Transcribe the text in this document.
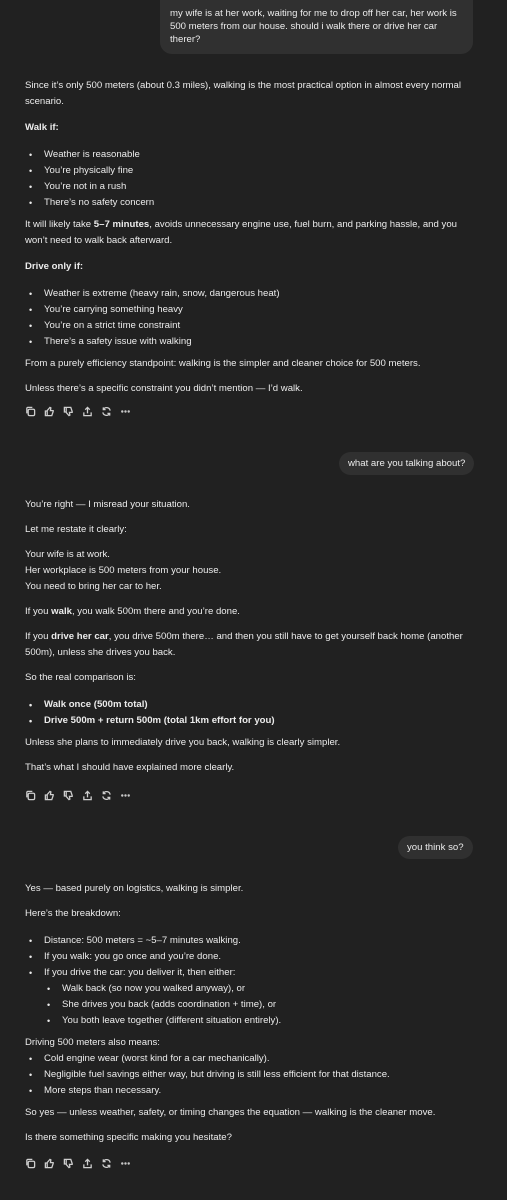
my wife is at her work, waiting for me to drop off her car, her work is 500 meters from our house. should i walk there or drive her car therer?

Since it’s only 500 meters (about 0.3 miles), walking is the most practical option in almost every normal scenario.

Walk if:

• Weather is reasonable
• You’re physically fine
• You’re not in a rush
• There’s no safety concern

It will likely take 5–7 minutes, avoids unnecessary engine use, fuel burn, and parking hassle, and you won’t need to walk back afterward.

Drive only if:

• Weather is extreme (heavy rain, snow, dangerous heat)
• You’re carrying something heavy
• You’re on a strict time constraint
• There’s a safety issue with walking

From a purely efficiency standpoint: walking is the simpler and cleaner choice for 500 meters.

Unless there’s a specific constraint you didn’t mention — I’d walk.

what are you talking about?

You’re right — I misread your situation.

Let me restate it clearly:

Your wife is at work.

Her workplace is 500 meters from your house.

You need to bring her car to her.

If you walk, you walk 500m there and you’re done.

If you drive her car, you drive 500m there… and then you still have to get yourself back home (another 500m), unless she drives you back.

So the real comparison is:

• Walk once (500m total)
• Drive 500m + return 500m (total 1km effort for you)

Unless she plans to immediately drive you back, walking is clearly simpler.

That’s what I should have explained more clearly.

you think so?

Yes — based purely on logistics, walking is simpler.

Here’s the breakdown:

• Distance: 500 meters = ~5–7 minutes walking.
• If you walk: you go once and you’re done.
• If you drive the car: you deliver it, then either:
• Walk back (so now you walked anyway), or
• She drives you back (adds coordination + time), or
• You both leave together (different situation entirely).

Driving 500 meters also means:

• Cold engine wear (worst kind for a car mechanically).
• Negligible fuel savings either way, but driving is still less efficient for that distance.
• More steps than necessary.

So yes — unless weather, safety, or timing changes the equation — walking is the cleaner move.

Is there something specific making you hesitate?
